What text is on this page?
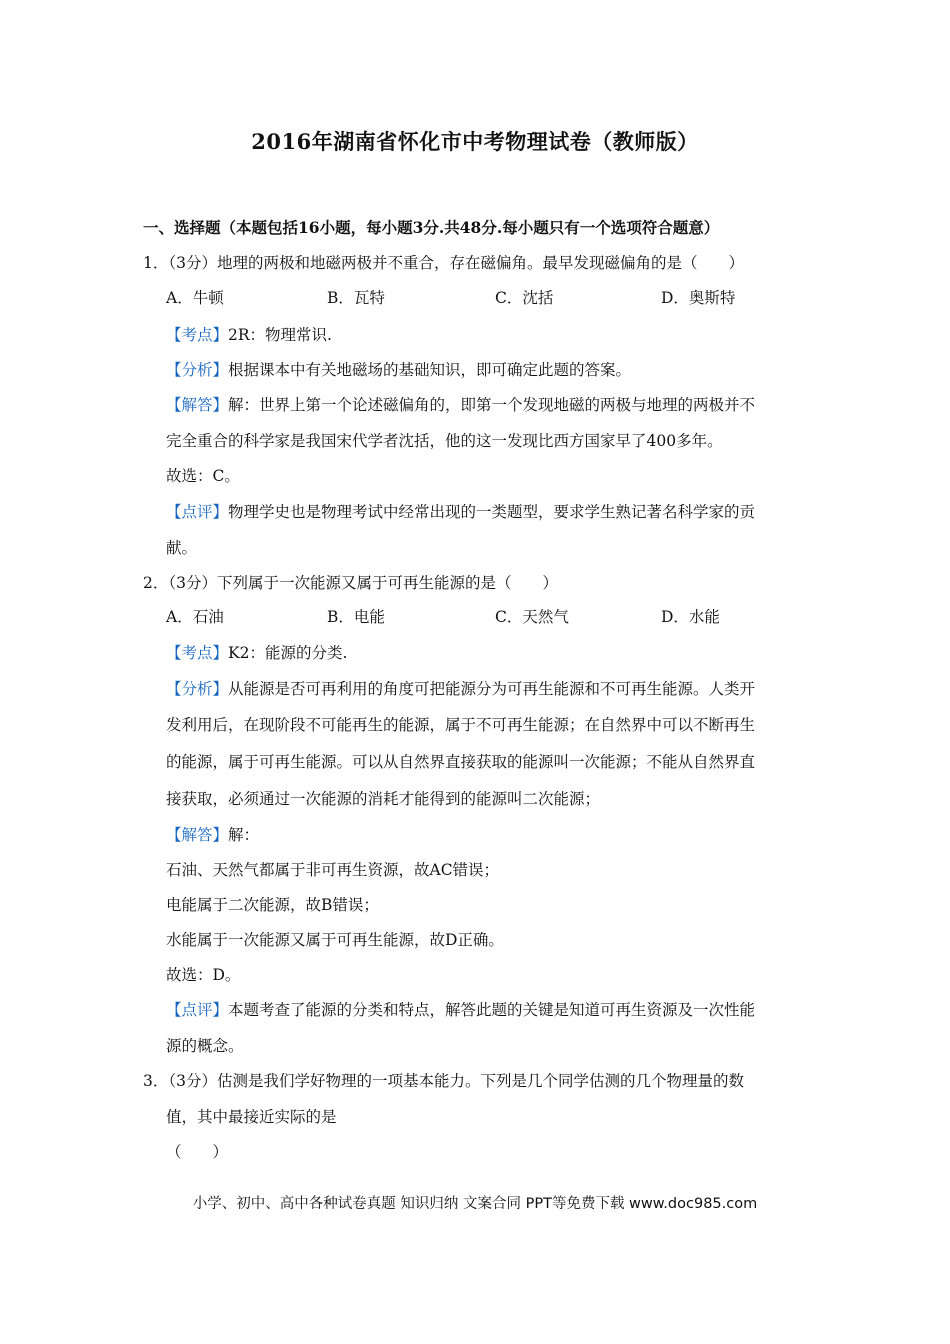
2016年湖南省怀化市中考物理试卷（教师版）
一、选择题（本题包括16小题，每小题3分.共48分.每小题只有一个选项符合题意）
1．（3分）地理的两极和地磁两极并不重合，存在磁偏角。最早发现磁偏角的是（　　）
A．牛顿	B．瓦特	C．沈括	D．奥斯特
【考点】2R：物理常识.
【分析】根据课本中有关地磁场的基础知识，即可确定此题的答案。
【解答】解：世界上第一个论述磁偏角的，即第一个发现地磁的两极与地理的两极并不
完全重合的科学家是我国宋代学者沈括，他的这一发现比西方国家早了400多年。
故选：C。
【点评】物理学史也是物理考试中经常出现的一类题型，要求学生熟记著名科学家的贡
献。
2．（3分）下列属于一次能源又属于可再生能源的是（　　）
A．石油	B．电能	C．天然气	D．水能
【考点】K2：能源的分类.
【分析】从能源是否可再利用的角度可把能源分为可再生能源和不可再生能源。人类开
发利用后，在现阶段不可能再生的能源，属于不可再生能源；在自然界中可以不断再生
的能源，属于可再生能源。可以从自然界直接获取的能源叫一次能源；不能从自然界直
接获取，必须通过一次能源的消耗才能得到的能源叫二次能源；
【解答】解：
石油、天然气都属于非可再生资源，故AC错误；
电能属于二次能源，故B错误；
水能属于一次能源又属于可再生能源，故D正确。
故选：D。
【点评】本题考查了能源的分类和特点，解答此题的关键是知道可再生资源及一次性能
源的概念。
3．（3分）估测是我们学好物理的一项基本能力。下列是几个同学估测的几个物理量的数
值，其中最接近实际的是
（　　）
小学、初中、高中各种试卷真题 知识归纳 文案合同 PPT等免费下载 www.doc985.com
